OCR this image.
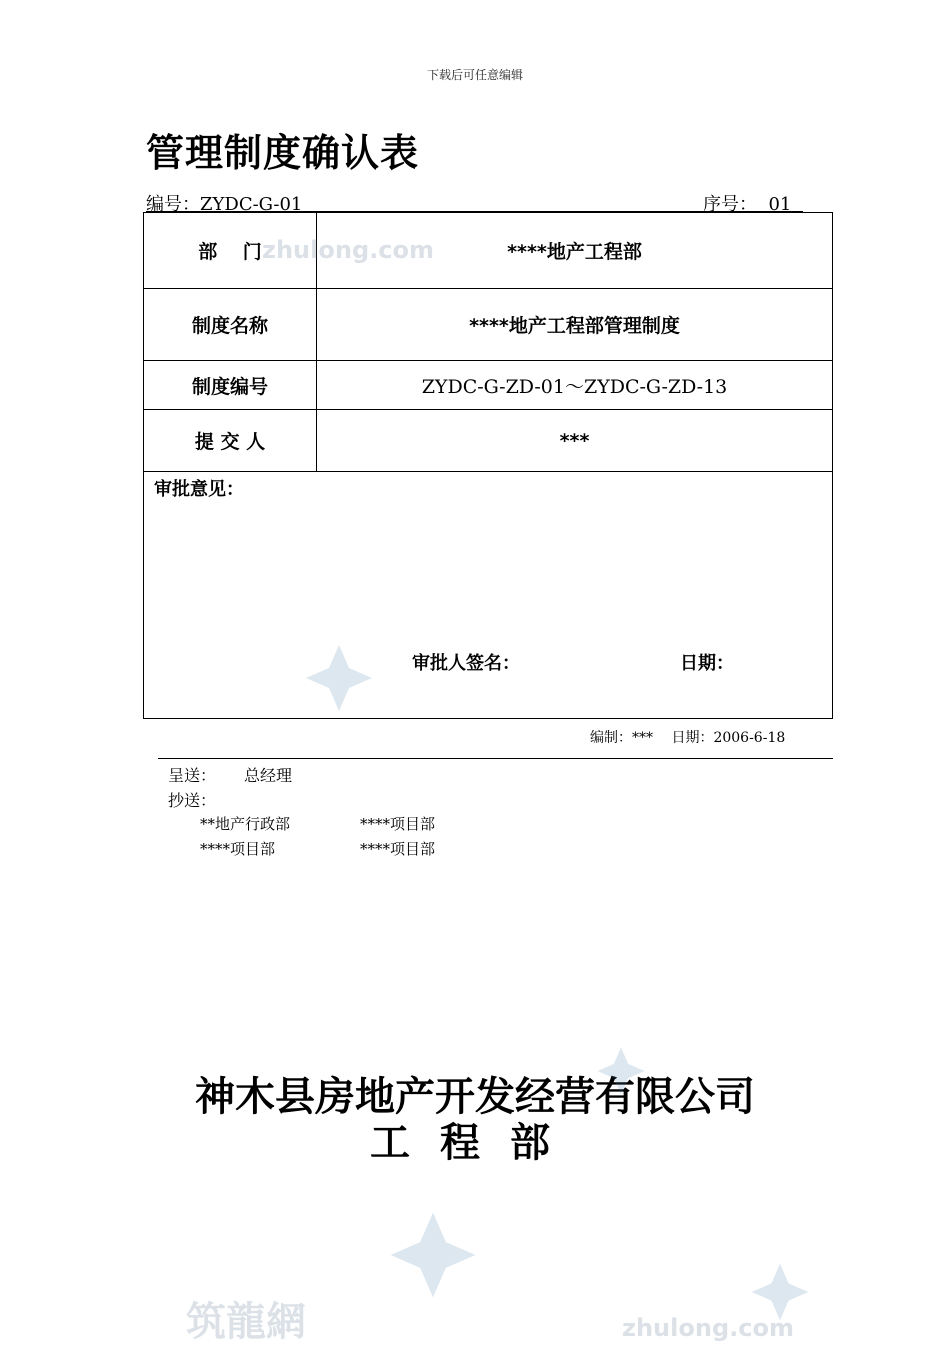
下载后可任意编辑
管理制度确认表
编号：ZYDC-G-01	序号： 01
部　 门	****地产工程部
制度名称	****地产工程部管理制度
制度编号	ZYDC-G-ZD-01～ZYDC-G-ZD-13
提 交 人	***
审批意见：
审批人签名：	日期：
编制：***　 日期：2006-6-18
呈送： 总经理
抄送：
**地产行政部	****项目部
****项目部	****项目部
神木县房地产开发经营有限公司
工程部
zhulong.com
筑龍網	zhulong.com
